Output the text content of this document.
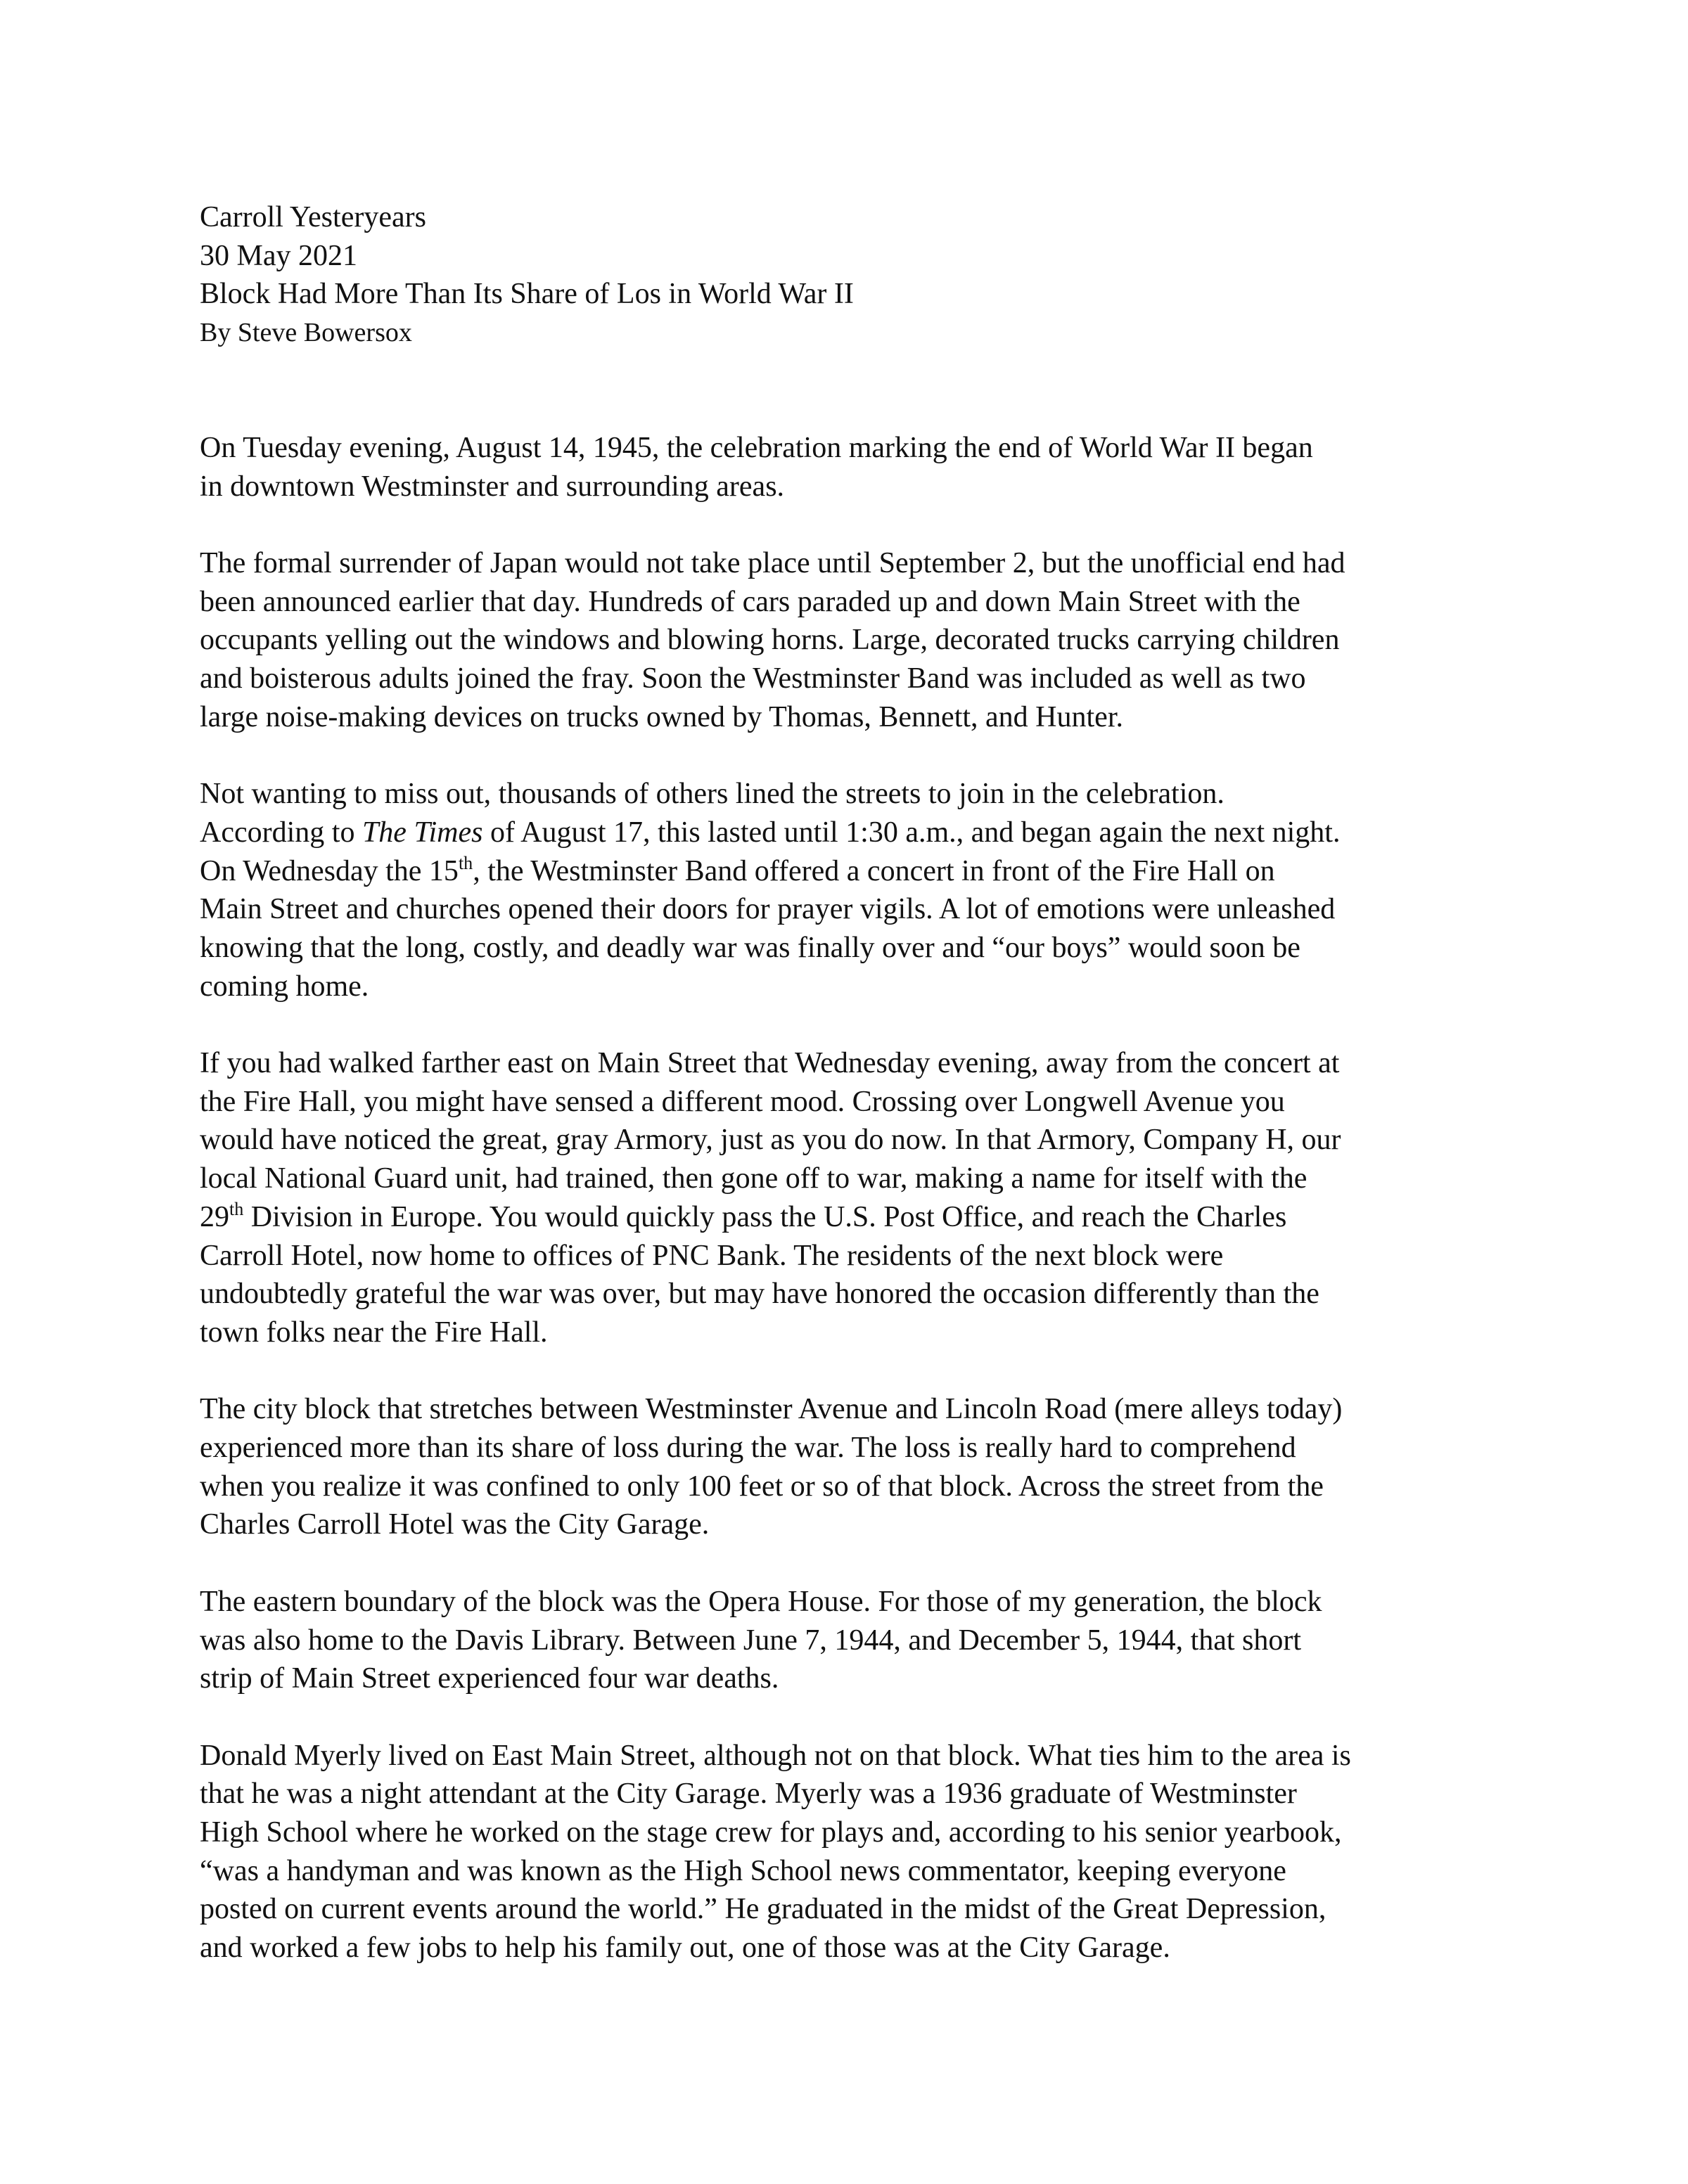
Carroll Yesteryears
30 May 2021
Block Had More Than Its Share of Los in World War II
By Steve Bowersox
On Tuesday evening, August 14, 1945, the celebration marking the end of World War II began
in downtown Westminster and surrounding areas.
The formal surrender of Japan would not take place until September 2, but the unofficial end had
been announced earlier that day. Hundreds of cars paraded up and down Main Street with the
occupants yelling out the windows and blowing horns. Large, decorated trucks carrying children
and boisterous adults joined the fray. Soon the Westminster Band was included as well as two
large noise-making devices on trucks owned by Thomas, Bennett, and Hunter.
Not wanting to miss out, thousands of others lined the streets to join in the celebration.
According to The Times of August 17, this lasted until 1:30 a.m., and began again the next night.
On Wednesday the 15th, the Westminster Band offered a concert in front of the Fire Hall on
Main Street and churches opened their doors for prayer vigils. A lot of emotions were unleashed
knowing that the long, costly, and deadly war was finally over and “our boys” would soon be
coming home.
If you had walked farther east on Main Street that Wednesday evening, away from the concert at
the Fire Hall, you might have sensed a different mood. Crossing over Longwell Avenue you
would have noticed the great, gray Armory, just as you do now. In that Armory, Company H, our
local National Guard unit, had trained, then gone off to war, making a name for itself with the
29th Division in Europe. You would quickly pass the U.S. Post Office, and reach the Charles
Carroll Hotel, now home to offices of PNC Bank. The residents of the next block were
undoubtedly grateful the war was over, but may have honored the occasion differently than the
town folks near the Fire Hall.
The city block that stretches between Westminster Avenue and Lincoln Road (mere alleys today)
experienced more than its share of loss during the war. The loss is really hard to comprehend
when you realize it was confined to only 100 feet or so of that block. Across the street from the
Charles Carroll Hotel was the City Garage.
The eastern boundary of the block was the Opera House. For those of my generation, the block
was also home to the Davis Library. Between June 7, 1944, and December 5, 1944, that short
strip of Main Street experienced four war deaths.
Donald Myerly lived on East Main Street, although not on that block. What ties him to the area is
that he was a night attendant at the City Garage. Myerly was a 1936 graduate of Westminster
High School where he worked on the stage crew for plays and, according to his senior yearbook,
“was a handyman and was known as the High School news commentator, keeping everyone
posted on current events around the world.” He graduated in the midst of the Great Depression,
and worked a few jobs to help his family out, one of those was at the City Garage.
